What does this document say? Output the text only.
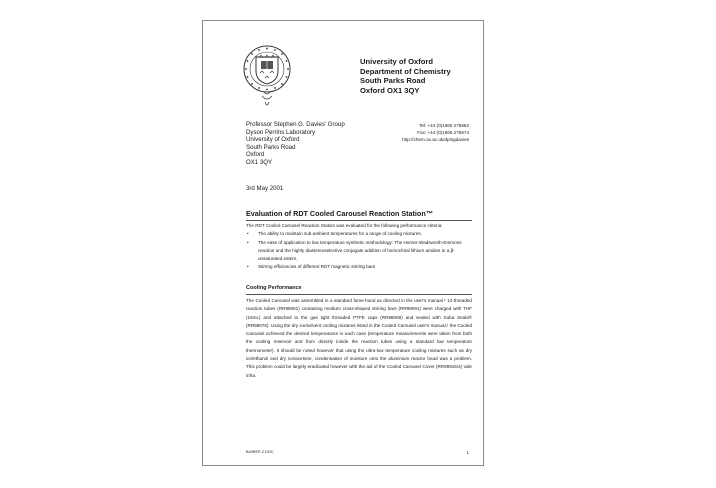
University of Oxford
Department of Chemistry
South Parks Road
Oxford OX1 3QY
Professor Stephen G. Davies' Group
Dyson Perrins Laboratory
University of Oxford
South Parks Road
Oxford
OX1 3QY
Tel: +44 (0)1865 275662
Fax: +44 (0)1865 275674
http://chem.ox.ac.uk/dp/sgdavies
3rd May 2001
Evaluation of RDT Cooled Carousel Reaction Station™
The RDT Cooled Carousel Reaction Station was evaluated for the following performance criteria:
• The ability to maintain sub-ambient temperatures for a range of cooling mixtures.
• The ease of application to low temperature synthetic methodology: The Horner-Wadsworth-Emmons reaction and the highly diastereoselective conjugate addition of homochiral lithium amides to α,β-unsaturated esters.
• Stirring efficiencies of different RDT magnetic stirring bars
Cooling Performance
The Cooled Carousel was assembled in a standard fume-hood as directed in the user's manual.¹ 12-threaded reaction tubes (RR98061) containing medium cross-shaped stirring bars (RR98091) were charged with THF (15mL) and attached to the gas tight threaded PTFE caps (RR98068) and sealed with Suba Seals® (RR98076). Using the dry ice/solvent cooling mixtures listed in the Cooled Carousel user's manual,¹ the Cooled Carousel achieved the desired temperatures in each case (temperature measurements were taken from both the cooling reservoir and from directly inside the reaction tubes using a standard low temperature thermometer). It should be noted however that using the ultra-low temperature cooling mixtures such as dry ice/ethanol and dry ice/acetone, condensation of moisture onto the aluminium reactor head was a problem. This problem could be largely eradicated however with the aid of the Cooled Carousel Cover (RR99915/4) vide infra.
B49REP-2.DOC	1
